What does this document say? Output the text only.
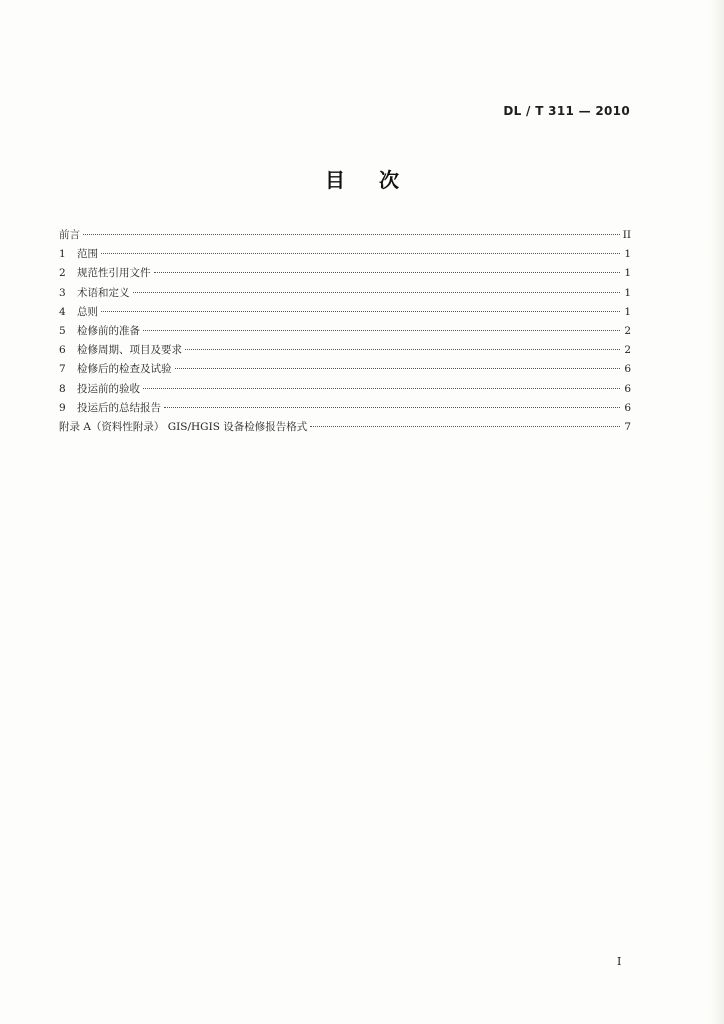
DL / T 311 — 2010
目 次
前言	II
1	范围	1
2	规范性引用文件	1
3	术语和定义	1
4	总则	1
5	检修前的准备	2
6	检修周期、项目及要求	2
7	检修后的检查及试验	6
8	投运前的验收	6
9	投运后的总结报告	6
附录 A（资料性附录） GIS/HGIS 设备检修报告格式	7
I
